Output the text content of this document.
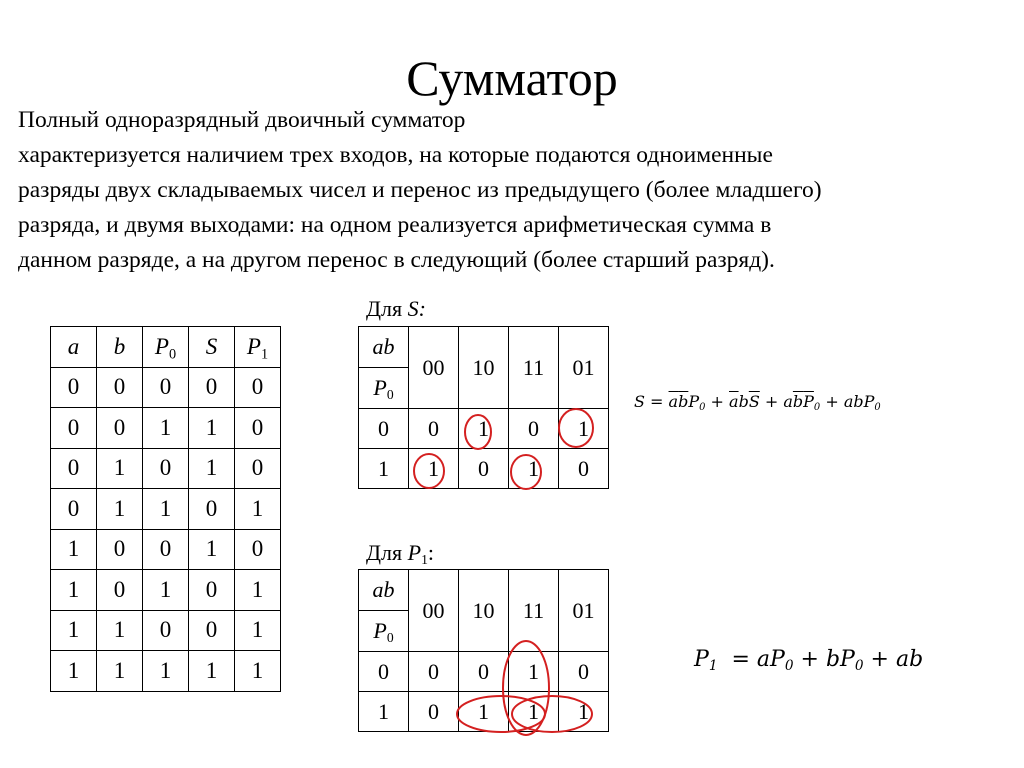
Сумматор
Полный одноразрядный двоичный сумматор
характеризуется наличием трех входов, на которые подаются одноименные
разряды двух складываемых чисел и перенос из предыдущего (более младшего)
разряда, и двумя выходами: на одном реализуется арифметическая сумма в
данном разряде, а на другом перенос в следующий (более старший разряд).
a	b	$P_0$	S	$P_1$
0	0	0	0	0
0	0	1	1	0
0	1	0	1	0
0	1	1	0	1
1	0	0	1	0
1	0	1	0	1
1	1	0	0	1
1	1	1	1	1
Для S:
ab	00	10	11	01
$P_0$
0	0	1	0	1
1	1	0	1	0
Для $P_1$:
ab	00	10	11	01
$P_0$
0	0	0	1	0
1	0	1	1	1
$S = \overline{a}\overline{b}P_0 + \overline{a}b\overline{S} + a\overline{b}\overline{P}_0 + abP_0$
$P_1 = aP_0 + bP_0$ + ab
